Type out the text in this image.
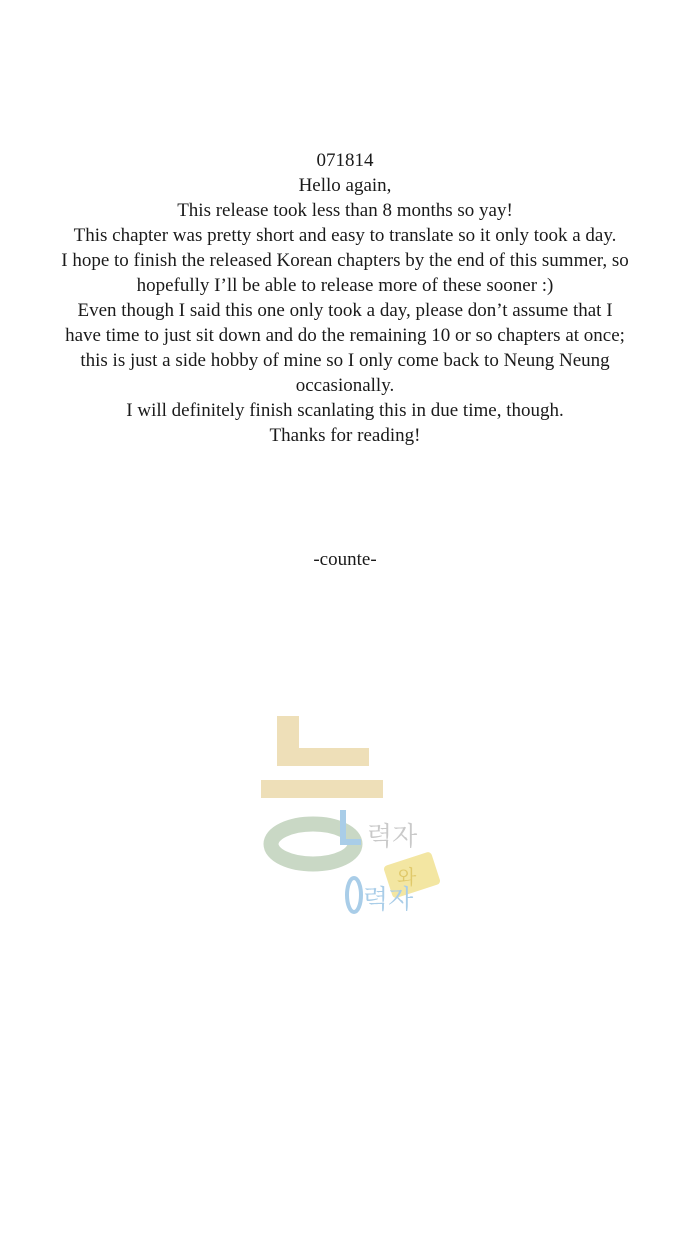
071814

Hello again,

This release took less than 8 months so yay!

This chapter was pretty short and easy to translate so it only took a day.

I hope to finish the released Korean chapters by the end of this summer, so hopefully I’ll be able to release more of these sooner :)

Even though I said this one only took a day, please don’t assume that I have time to just sit down and do the remaining 10 or so chapters at once; this is just a side hobby of mine so I only come back to Neung Neung occasionally.

I will definitely finish scanlating this in due time, though.

Thanks for reading!

-counte-
력자
력자
와
